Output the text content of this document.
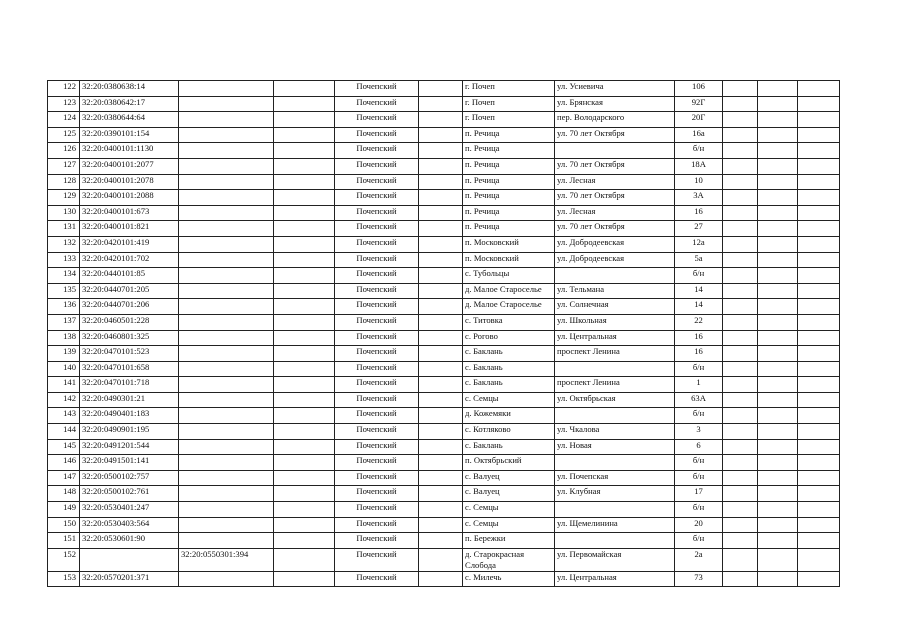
122	32:20:0380638:14			Почепский		г. Почеп	ул. Усиевича	106			
123	32:20:0380642:17			Почепский		г. Почеп	ул. Брянская	92Г			
124	32:20:0380644:64			Почепский		г. Почеп	пер. Володарского	20Г			
125	32:20:0390101:154			Почепский		п. Речица	ул. 70 лет Октября	16а			
126	32:20:0400101:1130			Почепский		п. Речица		б/н			
127	32:20:0400101:2077			Почепский		п. Речица	ул. 70 лет Октября	18А			
128	32:20:0400101:2078			Почепский		п. Речица	ул. Лесная	10			
129	32:20:0400101:2088			Почепский		п. Речица	ул. 70 лет Октября	3А			
130	32:20:0400101:673			Почепский		п. Речица	ул. Лесная	16			
131	32:20:0400101:821			Почепский		п. Речица	ул. 70 лет Октября	27			
132	32:20:0420101:419			Почепский		п. Московский	ул. Добродеевская	12а			
133	32:20:0420101:702			Почепский		п. Московский	ул. Добродеевская	5а			
134	32:20:0440101:85			Почепский		с. Тубольцы		б/н			
135	32:20:0440701:205			Почепский		д. Малое Староселье	ул. Тельмана	14			
136	32:20:0440701:206			Почепский		д. Малое Староселье	ул. Солнечная	14			
137	32:20:0460501:228			Почепский		с. Титовка	ул. Школьная	22			
138	32:20:0460801:325			Почепский		с. Рогово	ул. Центральная	16			
139	32:20:0470101:523			Почепский		с. Баклань	проспект Ленина	16			
140	32:20:0470101:658			Почепский		с. Баклань		б/н			
141	32:20:0470101:718			Почепский		с. Баклань	проспект Ленина	1			
142	32:20:0490301:21			Почепский		с. Семцы	ул. Октябрьская	63А			
143	32:20:0490401:183			Почепский		д. Кожемяки		б/н			
144	32:20:0490901:195			Почепский		с. Котляково	ул. Чкалова	3			
145	32:20:0491201:544			Почепский		с. Баклань	ул. Новая	6			
146	32:20:0491501:141			Почепский		п. Октябрьский		б/н			
147	32:20:0500102:757			Почепский		с. Валуец	ул. Почепская	б/н			
148	32:20:0500102:761			Почепский		с. Валуец	ул. Клубная	17			
149	32:20:0530401:247			Почепский		с. Семцы		б/н			
150	32:20:0530403:564			Почепский		с. Семцы	ул. Щемелинина	20			
151	32:20:0530601:90			Почепский		п. Бережки		б/н			
152		32:20:0550301:394		Почепский		д. Старокрасная Слобода	ул. Первомайская	2а			
153	32:20:0570201:371			Почепский		с. Милечь	ул. Центральная	73			
